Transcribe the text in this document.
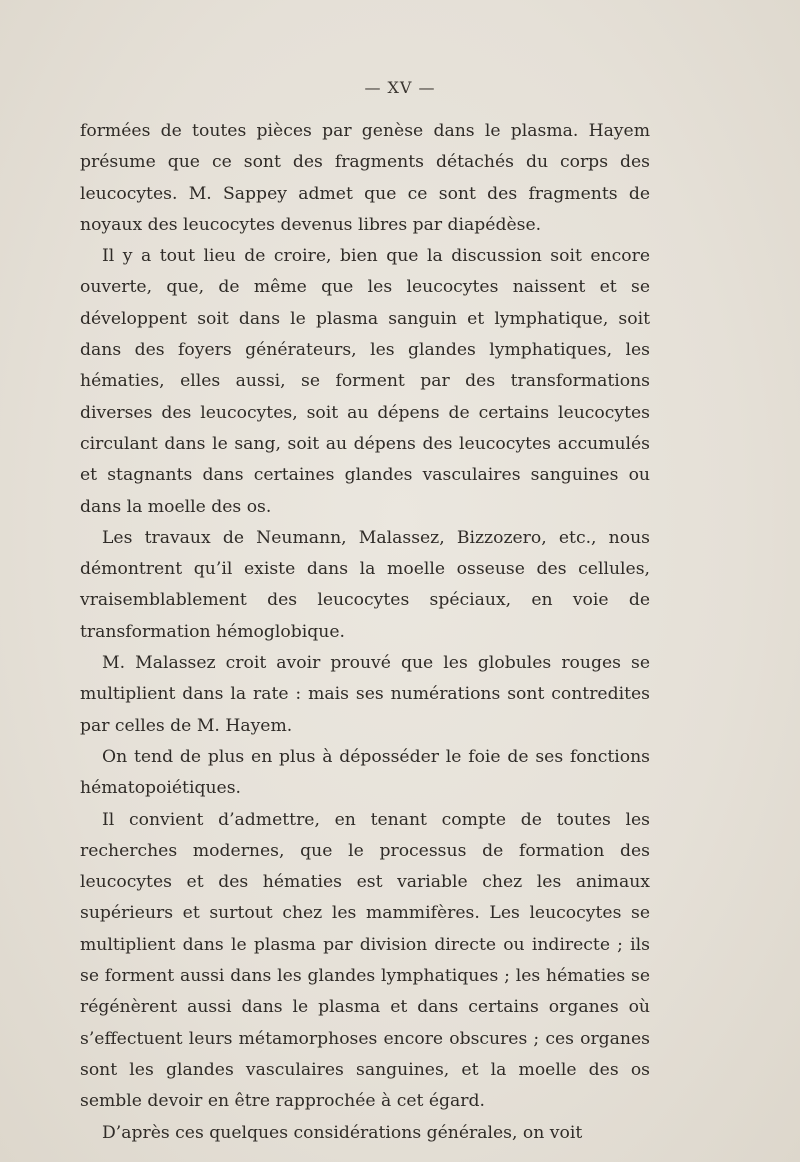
— XV —

formées de toutes pièces par genèse dans le plasma. Hayem présume que ce sont des fragments détachés du corps des leucocytes. M. Sappey admet que ce sont des fragments de noyaux des leucocytes devenus libres par diapédèse.

Il y a tout lieu de croire, bien que la discussion soit encore ouverte, que, de même que les leucocytes naissent et se développent soit dans le plasma sanguin et lymphatique, soit dans des foyers générateurs, les glandes lymphatiques, les hématies, elles aussi, se forment par des transformations diverses des leucocytes, soit au dépens de certains leucocytes circulant dans le sang, soit au dépens des leucocytes accumulés et stagnants dans certaines glandes vasculaires sanguines ou dans la moelle des os.

Les travaux de Neumann, Malassez, Bizzozero, etc., nous démontrent qu’il existe dans la moelle osseuse des cellules, vraisemblablement des leucocytes spéciaux, en voie de transformation hémoglobique.

M. Malassez croit avoir prouvé que les globules rouges se multiplient dans la rate : mais ses numérations sont contredites par celles de M. Hayem.

On tend de plus en plus à déposséder le foie de ses fonctions hématopoiétiques.

Il convient d’admettre, en tenant compte de toutes les recherches modernes, que le processus de formation des leucocytes et des hématies est variable chez les animaux supérieurs et surtout chez les mammifères. Les leucocytes se multiplient dans le plasma par division directe ou indirecte ; ils se forment aussi dans les glandes lymphatiques ; les hématies se régénèrent aussi dans le plasma et dans certains organes où s’effectuent leurs métamorphoses encore obscures ; ces organes sont les glandes vasculaires sanguines, et la moelle des os semble devoir en être rapprochée à cet égard.

D’après ces quelques considérations générales, on voit
